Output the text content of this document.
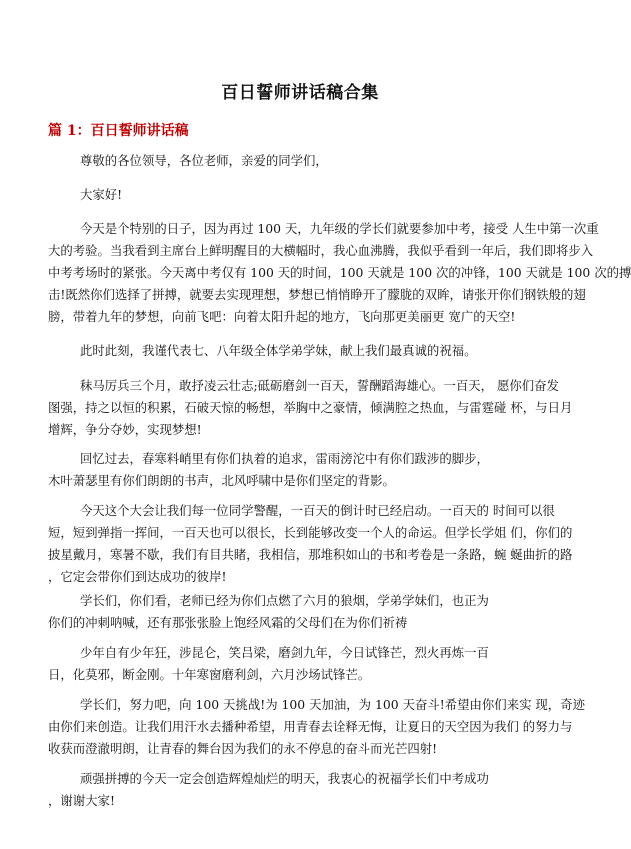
百日誓师讲话稿合集
篇 1：百日誓师讲话稿
尊敬的各位领导，各位老师，亲爱的同学们，
大家好!
今天是个特别的日子，因为再过 100 天，九年级的学长们就要参加中考，接受 人生中第一次重
大的考验。当我看到主席台上鲜明醒目的大横幅时，我心血沸腾，我似乎看到一年后，我们即将步入
中考考场时的紧张。今天离中考仅有 100 天的时间，100 天就是 100 次的冲锋，100 天就是 100 次的搏
击!既然你们选择了拼搏，就要去实现理想，梦想已悄悄睁开了朦胧的双眸，请张开你们钢铁般的翅
膀，带着九年的梦想，向前飞吧：向着太阳升起的地方，飞向那更美丽更 宽广的天空!
此时此刻，我谨代表七、八年级全体学弟学妹，献上我们最真诚的祝福。
秣马厉兵三个月，敢抒凌云壮志;砥砺磨剑一百天，誓酬蹈海雄心。一百天， 愿你们奋发
图强，持之以恒的积累，石破天惊的畅想，举胸中之豪情，倾满腔之热血，与雷霆碰 杯，与日月
增辉，争分夺妙，实现梦想!
回忆过去，春寒料峭里有你们执着的追求，雷雨滂沱中有你们跋涉的脚步，
木叶萧瑟里有你们朗朗的书声，北风呼啸中是你们坚定的背影。
今天这个大会让我们每一位同学警醒，一百天的倒计时已经启动。一百天的 时间可以很
短，短到弹指一挥间，一百天也可以很长，长到能够改变一个人的命运。但学长学姐 们，你们的
披星戴月，寒暑不歇，我们有目共睹，我相信，那堆积如山的书和考卷是一条路，蜿 蜒曲折的路
，它定会带你们到达成功的彼岸!
学长们，你们看，老师已经为你们点燃了六月的狼烟，学弟学妹们，也正为
你们的冲刺呐喊，还有那张张脸上饱经风霜的父母们在为你们祈祷
少年自有少年狂，涉昆仑，笑吕梁，磨剑九年，今日试锋芒，烈火再炼一百
日，化莫邪，断金刚。十年寒窗磨利剑，六月沙场试锋芒。
学长们，努力吧，向 100 天挑战!为 100 天加油，为 100 天奋斗!希望由你们来实 现，奇迹
由你们来创造。让我们用汗水去播种希望，用青春去诠释无悔，让夏日的天空因为我们 的努力与
收获而澄澈明朗，让青春的舞台因为我们的永不停息的奋斗而光芒四射!
顽强拼搏的今天一定会创造辉煌灿烂的明天，我衷心的祝福学长们中考成功
，谢谢大家!
